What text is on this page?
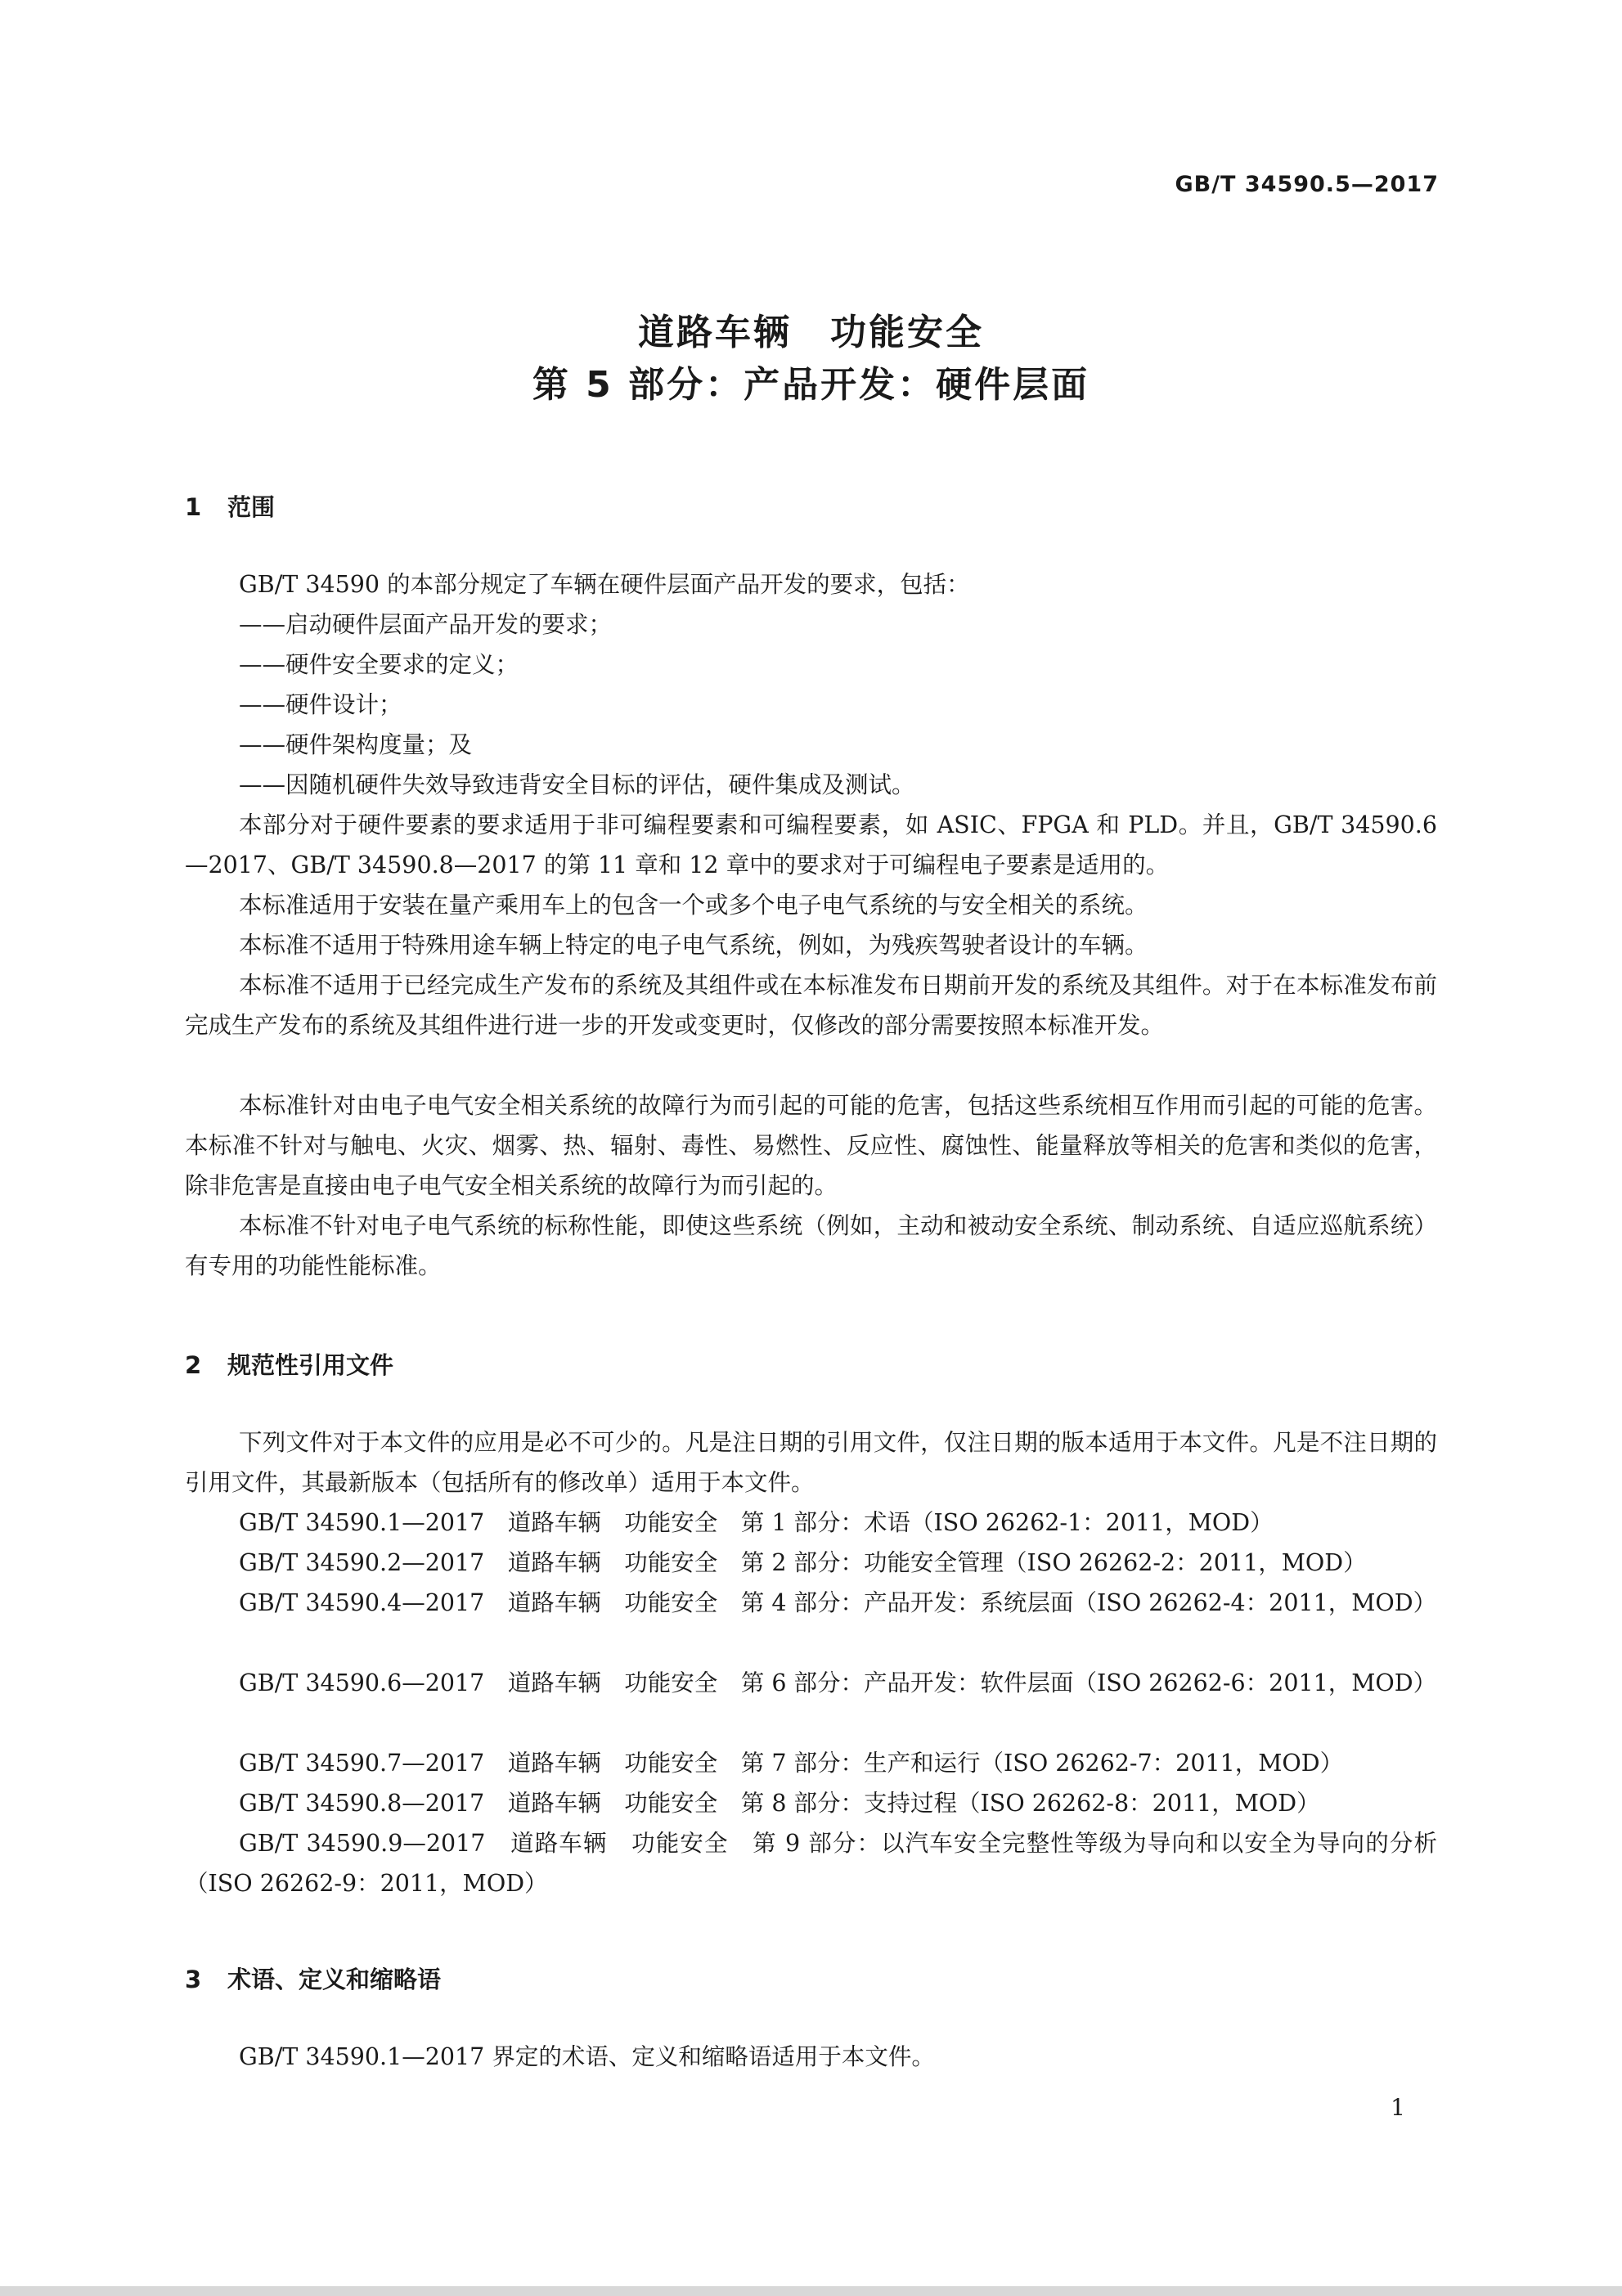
GB/T 34590.5—2017
道路车辆　功能安全
第 5 部分：产品开发：硬件层面
1 范围
GB/T 34590 的本部分规定了车辆在硬件层面产品开发的要求，包括：
——启动硬件层面产品开发的要求；
——硬件安全要求的定义；
——硬件设计；
——硬件架构度量；及
——因随机硬件失效导致违背安全目标的评估，硬件集成及测试。

本部分对于硬件要素的要求适用于非可编程要素和可编程要素，如 ASIC、FPGA 和 PLD。并且，GB/T 34590.6—2017、GB/T 34590.8—2017 的第 11 章和 12 章中的要求对于可编程电子要素是适用的。

本标准适用于安装在量产乘用车上的包含一个或多个电子电气系统的与安全相关的系统。

本标准不适用于特殊用途车辆上特定的电子电气系统，例如，为残疾驾驶者设计的车辆。

本标准不适用于已经完成生产发布的系统及其组件或在本标准发布日期前开发的系统及其组件。对于在本标准发布前完成生产发布的系统及其组件进行进一步的开发或变更时，仅修改的部分需要按照本标准开发。

本标准针对由电子电气安全相关系统的故障行为而引起的可能的危害，包括这些系统相互作用而引起的可能的危害。本标准不针对与触电、火灾、烟雾、热、辐射、毒性、易燃性、反应性、腐蚀性、能量释放等相关的危害和类似的危害，除非危害是直接由电子电气安全相关系统的故障行为而引起的。

本标准不针对电子电气系统的标称性能，即使这些系统（例如，主动和被动安全系统、制动系统、自适应巡航系统）有专用的功能性能标准。

2 规范性引用文件

下列文件对于本文件的应用是必不可少的。凡是注日期的引用文件，仅注日期的版本适用于本文件。凡是不注日期的引用文件，其最新版本（包括所有的修改单）适用于本文件。

GB/T 34590.1—2017　 道路车辆　功能安全　第 1 部分：术语（ISO 26262-1：2011，MOD）

GB/T 34590.2—2017　 道路车辆　功能安全　第 2 部分：功能安全管理（ISO 26262-2：2011，MOD）

GB/T 34590.4—2017　 道路车辆　功能安全　第 4 部分：产品开发：系统层面（ISO 26262-4：2011，MOD）

GB/T 34590.6—2017　 道路车辆　功能安全　第 6 部分：产品开发：软件层面（ISO 26262-6：2011，MOD）

GB/T 34590.7—2017　 道路车辆　功能安全　第 7 部分：生产和运行（ISO 26262-7：2011，MOD）

GB/T 34590.8—2017　 道路车辆　功能安全　第 8 部分：支持过程（ISO 26262-8：2011，MOD）

GB/T 34590.9—2017　 道路车辆　功能安全　第 9 部分：以汽车安全完整性等级为导向和以安全为导向的分析（ISO 26262-9：2011，MOD）

3 术语、定义和缩略语
GB/T 34590.1—2017 界定的术语、定义和缩略语适用于本文件。
1
